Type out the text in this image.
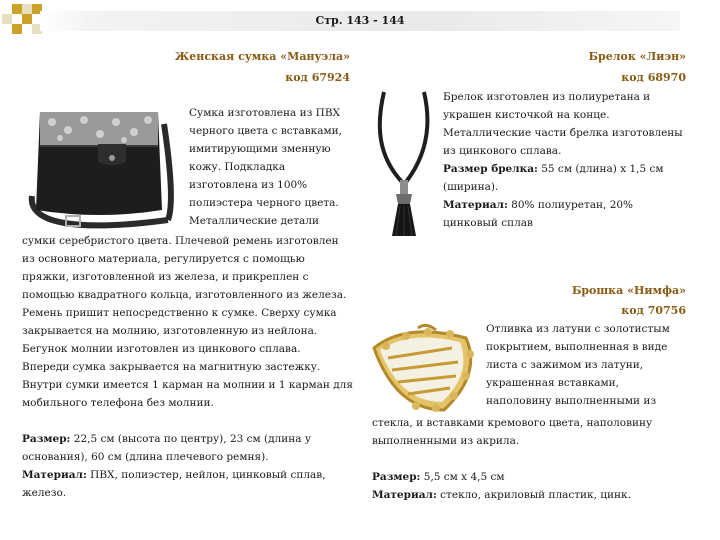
Стр. 143 - 144
Женская сумка «Мануэла»
код 67924
Сумка изготовлена из ПВХ
черного цвета с вставками,
имитирующими зменную
кожу. Подкладка
изготовлена из 100%
полиэстера черного цвета.
Металлические детали
сумки серебристого цвета. Плечевой ремень изготовлен
из основного материала, регулируется с помощью
пряжки, изготовленной из железа, и прикреплен с
помощью квадратного кольца, изготовленного из железа.
Ремень пришит непосредственно к сумке. Сверху сумка
закрывается на молнию, изготовленную из нейлона.
Бегунок молнии изготовлен из цинкового сплава.
Впереди сумка закрывается на магнитную застежку.
Внутри сумки имеется 1 карман на молнии и 1 карман для
мобильного телефона без молнии.
Размер: 22,5 см (высота по центру), 23 см (длина у
основания), 60 см (длина плечевого ремня).
Материал: ПВХ, полиэстер, нейлон, цинковый сплав,
железо.
Брелок «Лиэн»
код 68970
Брелок изготовлен из полиуретана и
украшен кисточкой на конце.
Металлические части брелка изготовлены
из цинкового сплава.
Размер брелка: 55 см (длина) х 1,5 см
(ширина).
Материал: 80% полиуретан, 20%
цинковый сплав
Брошка «Нимфа»
код 70756
Отливка из латуни с золотистым
покрытием, выполненная в виде
листа с зажимом из латуни,
украшенная вставками,
наполовину выполненными из
стекла, и вставками кремового цвета, наполовину
выполненными из акрила.
Размер: 5,5 см х 4,5 см
Материал: стекло, акриловый пластик, цинк.
